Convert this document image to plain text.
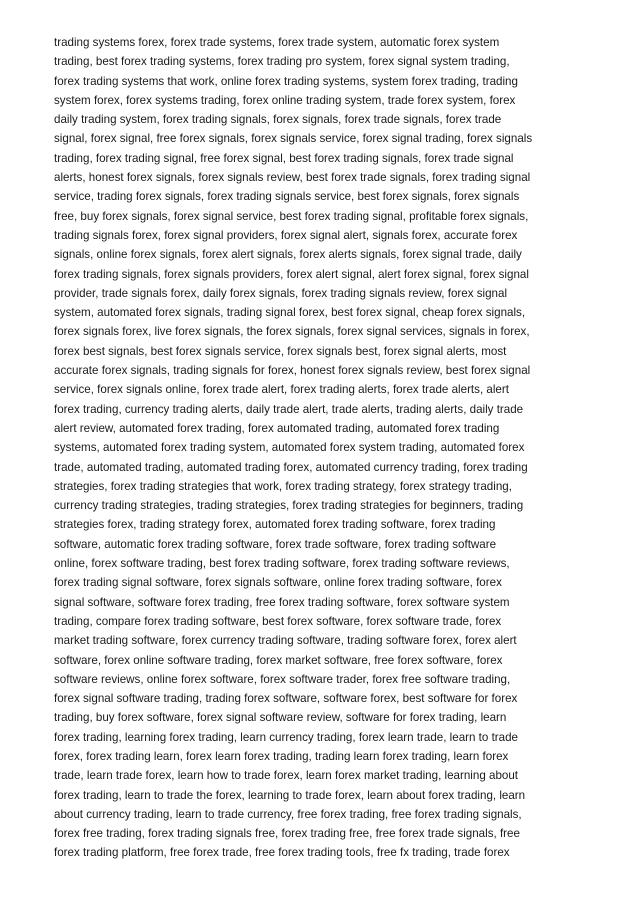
trading systems forex, forex trade systems, forex trade system, automatic forex system
trading, best forex trading systems, forex trading pro system, forex signal system trading,
forex trading systems that work, online forex trading systems, system forex trading, trading
system forex, forex systems trading, forex online trading system, trade forex system, forex
daily trading system, forex trading signals, forex signals, forex trade signals, forex trade
signal, forex signal, free forex signals, forex signals service, forex signal trading, forex signals
trading, forex trading signal, free forex signal, best forex trading signals, forex trade signal
alerts, honest forex signals, forex signals review, best forex trade signals, forex trading signal
service, trading forex signals, forex trading signals service, best forex signals, forex signals
free, buy forex signals, forex signal service, best forex trading signal, profitable forex signals,
trading signals forex, forex signal providers, forex signal alert, signals forex, accurate forex
signals, online forex signals, forex alert signals, forex alerts signals, forex signal trade, daily
forex trading signals, forex signals providers, forex alert signal, alert forex signal, forex signal
provider, trade signals forex, daily forex signals, forex trading signals review, forex signal
system, automated forex signals, trading signal forex, best forex signal, cheap forex signals,
forex signals forex, live forex signals, the forex signals, forex signal services, signals in forex,
forex best signals, best forex signals service, forex signals best, forex signal alerts, most
accurate forex signals, trading signals for forex, honest forex signals review, best forex signal
service, forex signals online, forex trade alert, forex trading alerts, forex trade alerts, alert
forex trading, currency trading alerts, daily trade alert, trade alerts, trading alerts, daily trade
alert review, automated forex trading, forex automated trading, automated forex trading
systems, automated forex trading system, automated forex system trading, automated forex
trade, automated trading, automated trading forex, automated currency trading, forex trading
strategies, forex trading strategies that work, forex trading strategy, forex strategy trading,
currency trading strategies, trading strategies, forex trading strategies for beginners, trading
strategies forex, trading strategy forex, automated forex trading software, forex trading
software, automatic forex trading software, forex trade software, forex trading software
online, forex software trading, best forex trading software, forex trading software reviews,
forex trading signal software, forex signals software, online forex trading software, forex
signal software, software forex trading, free forex trading software, forex software system
trading, compare forex trading software, best forex software, forex software trade, forex
market trading software, forex currency trading software, trading software forex, forex alert
software, forex online software trading, forex market software, free forex software, forex
software reviews, online forex software, forex software trader, forex free software trading,
forex signal software trading, trading forex software, software forex, best software for forex
trading, buy forex software, forex signal software review, software for forex trading, learn
forex trading, learning forex trading, learn currency trading, forex learn trade, learn to trade
forex, forex trading learn, forex learn forex trading, trading learn forex trading, learn forex
trade, learn trade forex, learn how to trade forex, learn forex market trading, learning about
forex trading, learn to trade the forex, learning to trade forex, learn about forex trading, learn
about currency trading, learn to trade currency, free forex trading, free forex trading signals,
forex free trading, forex trading signals free, forex trading free, free forex trade signals, free
forex trading platform, free forex trade, free forex trading tools, free fx trading, trade forex
